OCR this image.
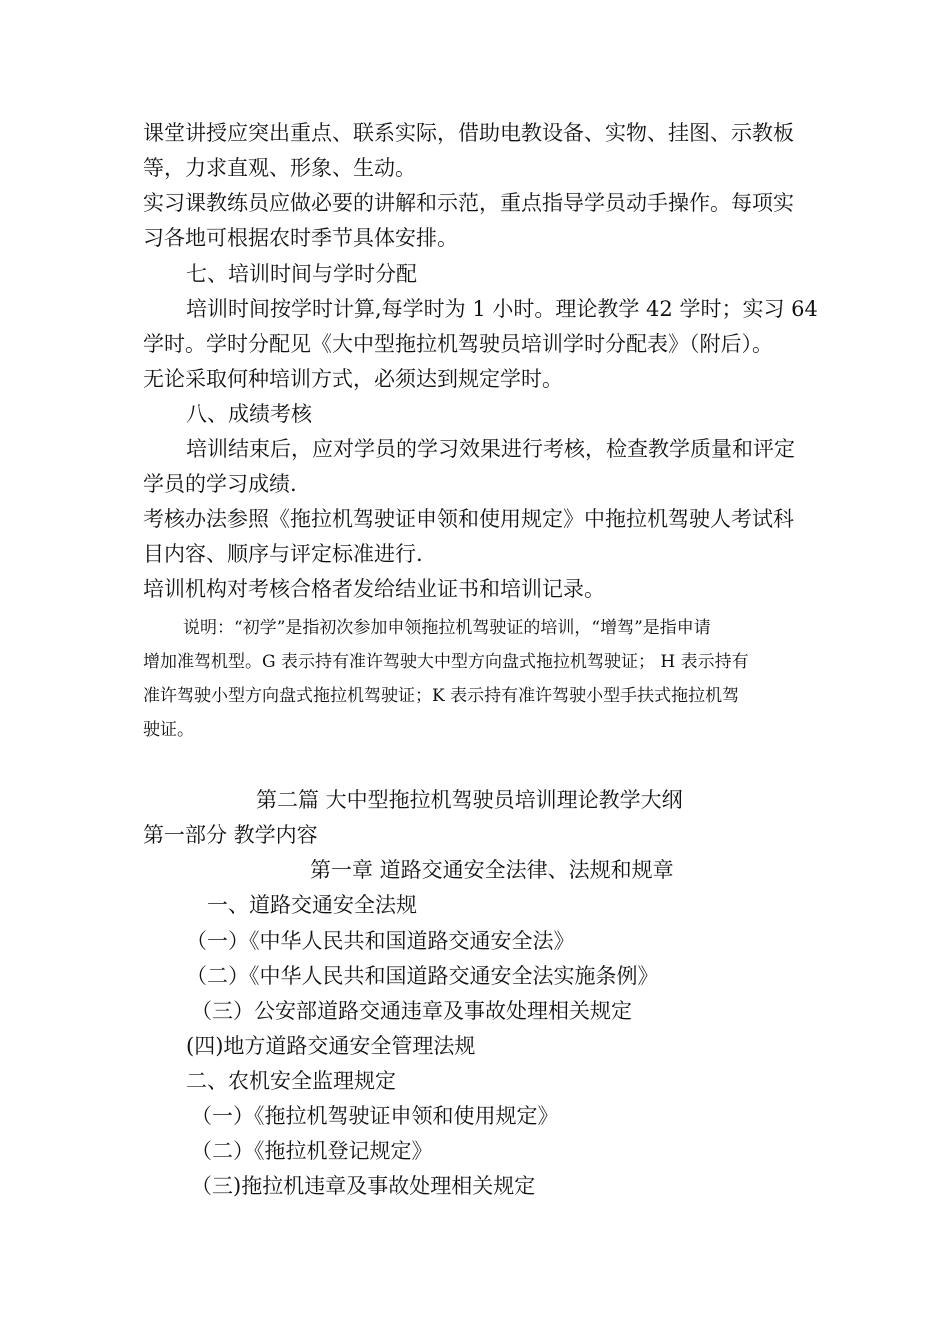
课堂讲授应突出重点、联系实际，借助电教设备、实物、挂图、示教板
等，力求直观、形象、生动。
实习课教练员应做必要的讲解和示范，重点指导学员动手操作。每项实
习各地可根据农时季节具体安排。
七、培训时间与学时分配
培训时间按学时计算,每学时为 1 小时。理论教学 42 学时；实习 64
学时。学时分配见《大中型拖拉机驾驶员培训学时分配表》（附后）。
无论采取何种培训方式，必须达到规定学时。
八、成绩考核
培训结束后，应对学员的学习效果进行考核，检查教学质量和评定
学员的学习成绩.
考核办法参照《拖拉机驾驶证申领和使用规定》中拖拉机驾驶人考试科
目内容、顺序与评定标准进行.
培训机构对考核合格者发给结业证书和培训记录。
说明：“初学”是指初次参加申领拖拉机驾驶证的培训，“增驾”是指申请
增加准驾机型。G 表示持有准许驾驶大中型方向盘式拖拉机驾驶证； H 表示持有
准许驾驶小型方向盘式拖拉机驾驶证；K 表示持有准许驾驶小型手扶式拖拉机驾
驶证。
第二篇 大中型拖拉机驾驶员培训理论教学大纲
第一部分 教学内容
第一章 道路交通安全法律、法规和规章
一、道路交通安全法规
（一）《中华人民共和国道路交通安全法》
（二）《中华人民共和国道路交通安全法实施条例》
（三）公安部道路交通违章及事故处理相关规定
(四)地方道路交通安全管理法规
二、农机安全监理规定
（一）《拖拉机驾驶证申领和使用规定》
（二）《拖拉机登记规定》
（三)拖拉机违章及事故处理相关规定
